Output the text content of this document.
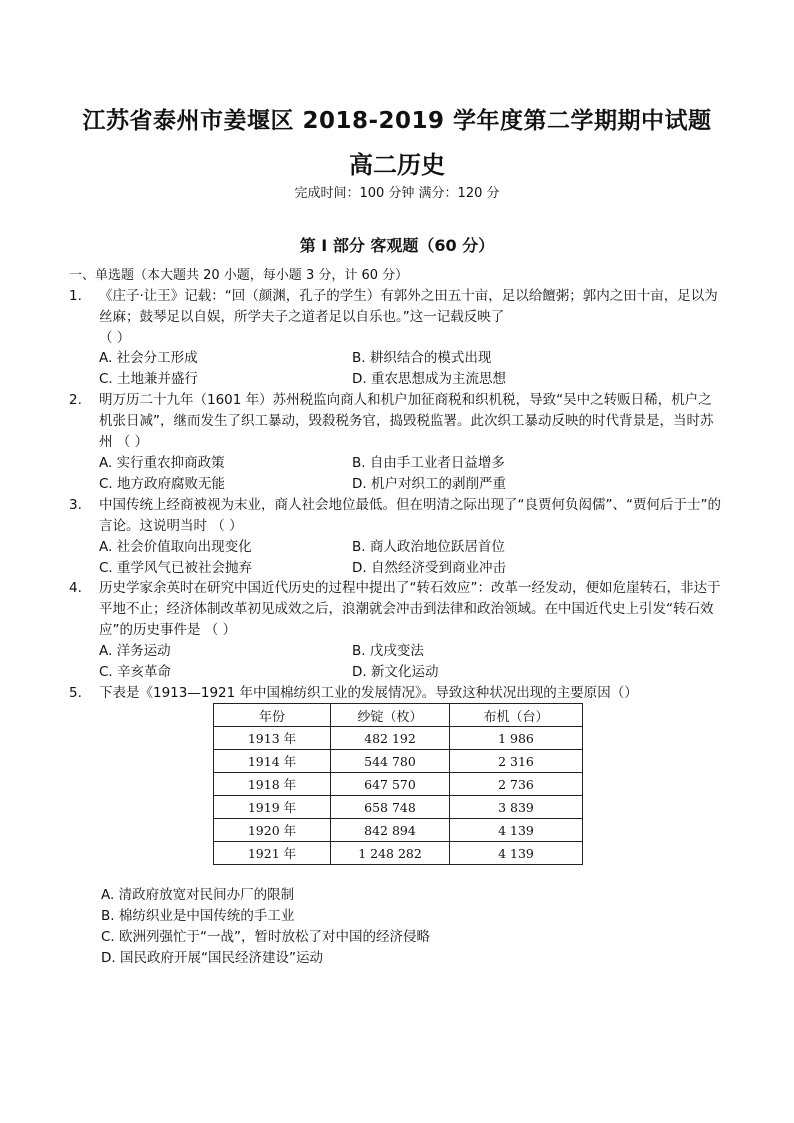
江苏省泰州市姜堰区 2018-2019 学年度第二学期期中试题
高二历史
完成时间：100 分钟 满分：120 分
第 I 部分 客观题（60 分）
一、单选题（本大题共 20 小题，每小题 3 分，计 60 分）
1. 《庄子·让王》记载：“回（颜渊，孔子的学生）有郭外之田五十亩，足以给饘粥；郭内之田十亩，足以为丝麻；鼓琴足以自娱，所学夫子之道者足以自乐也。”这一记载反映了
（ ）
A. 社会分工形成	B. 耕织结合的模式出现
C. 土地兼并盛行	D. 重农思想成为主流思想
2. 明万历二十九年（1601 年）苏州税监向商人和机户加征商税和织机税，导致“吴中之转贩日稀，机户之机张日减”，继而发生了织工暴动，毁殺税务官，捣毁税监署。此次织工暴动反映的时代背景是，当时苏州 （ ）
A. 实行重农抑商政策	B. 自由手工业者日益增多
C. 地方政府腐败无能	D. 机户对织工的剥削严重
3. 中国传统上经商被视为末业，商人社会地位最低。但在明清之际出现了“良贾何负闳儒”、“贾何后于士”的言论。这说明当时 （ ）
A. 社会价值取向出现变化	B. 商人政治地位跃居首位
C. 重学风气已被社会抛弃	D. 自然经济受到商业冲击
4. 历史学家余英时在研究中国近代历史的过程中提出了“转石效应”：改革一经发动，便如危崖转石，非达于平地不止；经济体制改革初见成效之后，浪潮就会冲击到法律和政治领域。在中国近代史上引发“转石效应”的历史事件是 （ ）
A. 洋务运动	B. 戊戌变法
C. 辛亥革命	D. 新文化运动
5. 下表是《1913—1921 年中国棉纺织工业的发展情况》。导致这种状况出现的主要原因（）
年份	纱锭（枚）	布机（台）
1913 年	482 192	1 986
1914 年	544 780	2 316
1918 年	647 570	2 736
1919 年	658 748	3 839
1920 年	842 894	4 139
1921 年	1 248 282	4 139
A. 清政府放宽对民间办厂的限制
B. 棉纺织业是中国传统的手工业
C. 欧洲列强忙于“一战”，暂时放松了对中国的经济侵略
D. 国民政府开展“国民经济建设”运动
